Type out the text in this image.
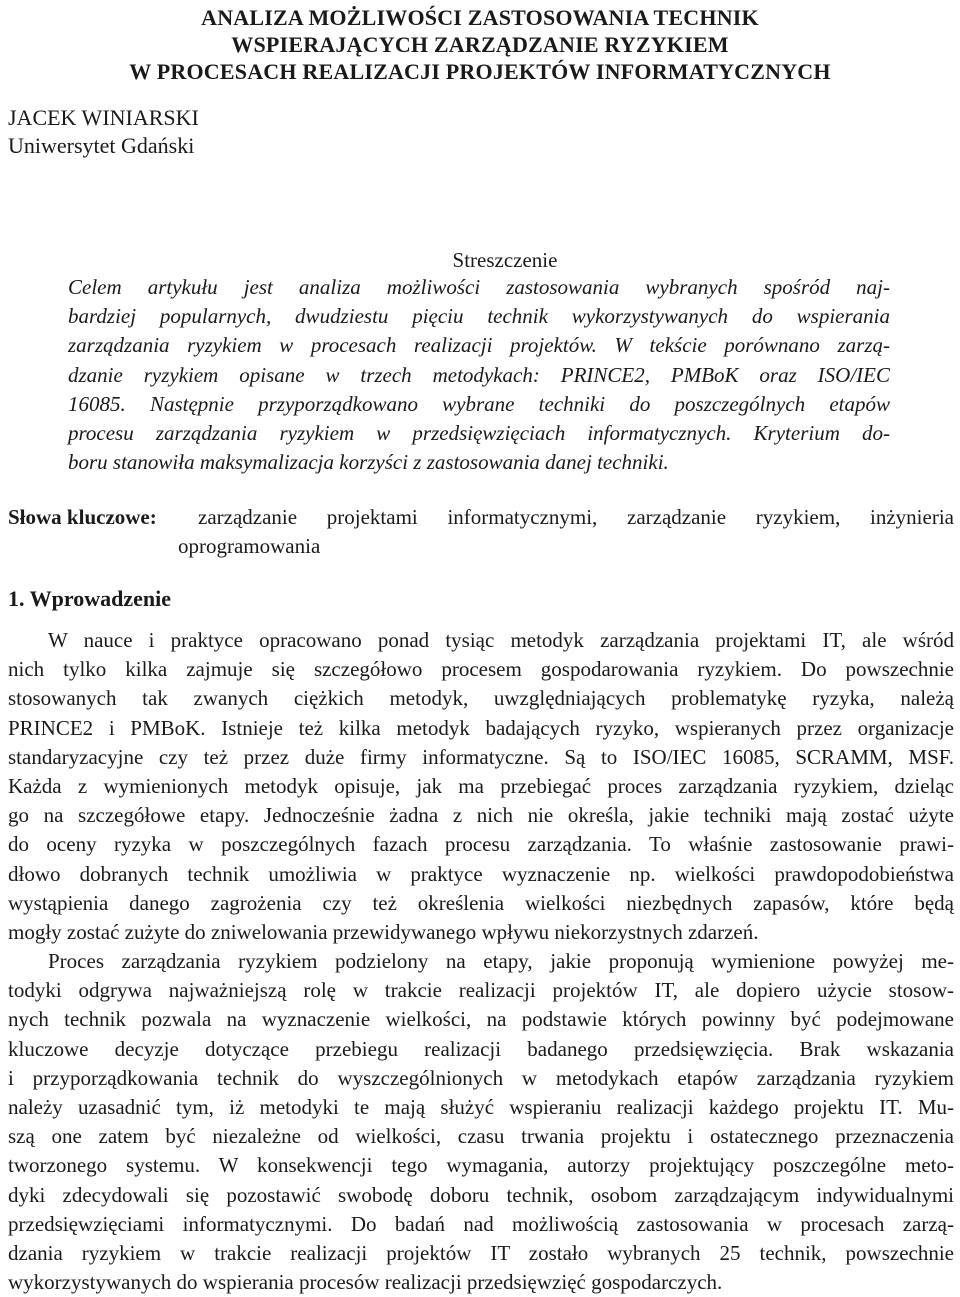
ANALIZA MOŻLIWOŚCI ZASTOSOWANIA TECHNIK
WSPIERAJĄCYCH ZARZĄDZANIE RYZYKIEM
W PROCESACH REALIZACJI PROJEKTÓW INFORMATYCZNYCH
JACEK WINIARSKI
Uniwersytet Gdański
Streszczenie
Celem artykułu jest analiza możliwości zastosowania wybranych spośród naj-
bardziej popularnych, dwudziestu pięciu technik wykorzystywanych do wspierania
zarządzania ryzykiem w procesach realizacji projektów. W tekście porównano zarzą-
dzanie ryzykiem opisane w trzech metodykach: PRINCE2, PMBoK oraz ISO/IEC
16085. Następnie przyporządkowano wybrane techniki do poszczególnych etapów
procesu zarządzania ryzykiem w przedsięwzięciach informatycznych. Kryterium do-
boru stanowiła maksymalizacja korzyści z zastosowania danej techniki.
Słowa kluczowe:	zarządzanie projektami informatycznymi, zarządzanie ryzykiem, inżynieria
oprogramowania
1. Wprowadzenie
W nauce i praktyce opracowano ponad tysiąc metodyk zarządzania projektami IT, ale wśród
nich tylko kilka zajmuje się szczegółowo procesem gospodarowania ryzykiem. Do powszechnie
stosowanych tak zwanych ciężkich metodyk, uwzględniających problematykę ryzyka, należą
PRINCE2 i PMBoK. Istnieje też kilka metodyk badających ryzyko, wspieranych przez organizacje
standaryzacyjne czy też przez duże firmy informatyczne. Są to ISO/IEC 16085, SCRAMM, MSF.
Każda z wymienionych metodyk opisuje, jak ma przebiegać proces zarządzania ryzykiem, dzieląc
go na szczegółowe etapy. Jednocześnie żadna z nich nie określa, jakie techniki mają zostać użyte
do oceny ryzyka w poszczególnych fazach procesu zarządzania. To właśnie zastosowanie prawi-
dłowo dobranych technik umożliwia w praktyce wyznaczenie np. wielkości prawdopodobieństwa
wystąpienia danego zagrożenia czy też określenia wielkości niezbędnych zapasów, które będą
mogły zostać zużyte do zniwelowania przewidywanego wpływu niekorzystnych zdarzeń.
Proces zarządzania ryzykiem podzielony na etapy, jakie proponują wymienione powyżej me-
todyki odgrywa najważniejszą rolę w trakcie realizacji projektów IT, ale dopiero użycie stosow-
nych technik pozwala na wyznaczenie wielkości, na podstawie których powinny być podejmowane
kluczowe decyzje dotyczące przebiegu realizacji badanego przedsięwzięcia. Brak wskazania
i przyporządkowania technik do wyszczególnionych w metodykach etapów zarządzania ryzykiem
należy uzasadnić tym, iż metodyki te mają służyć wspieraniu realizacji każdego projektu IT. Mu-
szą one zatem być niezależne od wielkości, czasu trwania projektu i ostatecznego przeznaczenia
tworzonego systemu. W konsekwencji tego wymagania, autorzy projektujący poszczególne meto-
dyki zdecydowali się pozostawić swobodę doboru technik, osobom zarządzającym indywidualnymi
przedsięwzięciami informatycznymi. Do badań nad możliwością zastosowania w procesach zarzą-
dzania ryzykiem w trakcie realizacji projektów IT zostało wybranych 25 technik, powszechnie
wykorzystywanych do wspierania procesów realizacji przedsięwzięć gospodarczych.
